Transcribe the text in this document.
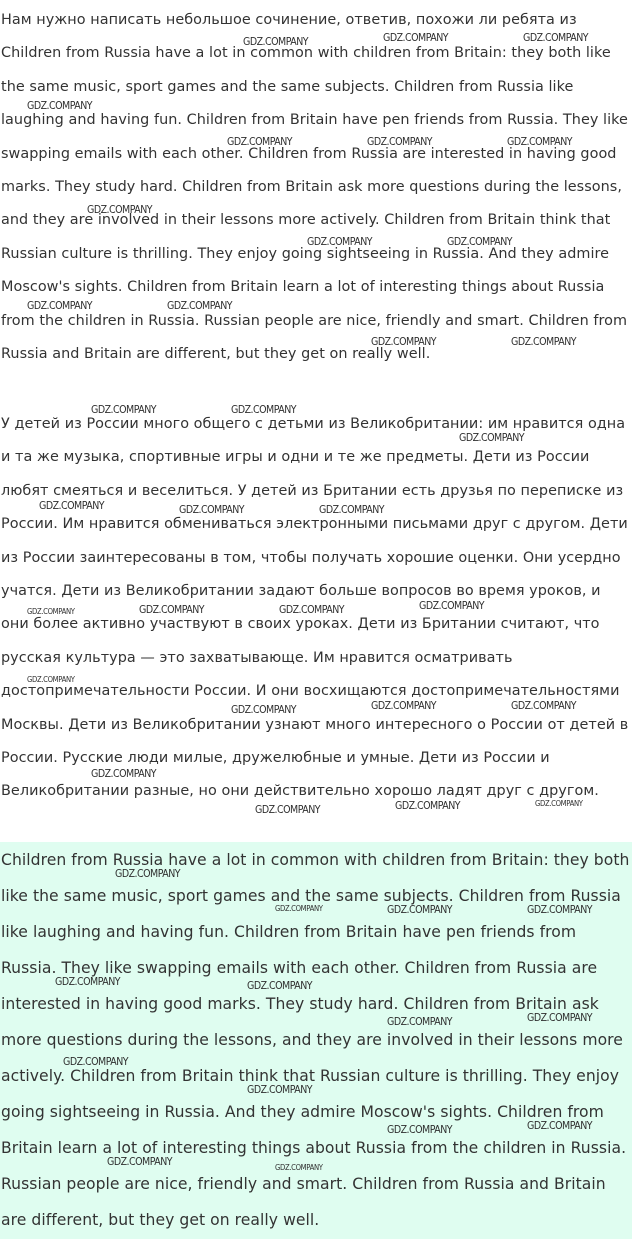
Нам нужно написать небольшое сочинение, ответив, похожи ли ребята из Children from Russia have a lot in common with children from Britain: they both like the same music, sport games and the same subjects. Children from Russia like laughing and having fun. Children from Britain have pen friends from Russia. They like swapping emails with each other. Children from Russia are interested in having good marks. They study hard. Children from Britain ask more questions during the lessons, and they are involved in their lessons more actively. Children from Britain think that Russian culture is thrilling. They enjoy going sightseeing in Russia. And they admire Moscow's sights. Children from Britain learn a lot of interesting things about Russia from the children in Russia. Russian people are nice, friendly and smart. Children from Russia and Britain are different, but they get on really well.

У детей из России много общего с детьми из Великобритании: им нравится одна и та же музыка, спортивные игры и одни и те же предметы. Дети из России любят смеяться и веселиться. У детей из Британии есть друзья по переписке из России. Им нравится обмениваться электронными письмами друг с другом. Дети из России заинтересованы в том, чтобы получать хорошие оценки. Они усердно учатся. Дети из Великобритании задают больше вопросов во время уроков, и они более активно участвуют в своих уроках. Дети из Британии считают, что русская культура — это захватывающе. Им нравится осматривать достопримечательности России. И они восхищаются достопримечательностями Москвы. Дети из Великобритании узнают много интересного о России от детей в России. Русские люди милые, дружелюбные и умные. Дети из России и Великобритании разные, но они действительно хорошо ладят друг с другом.

Children from Russia have a lot in common with children from Britain: they both like the same music, sport games and the same subjects. Children from Russia like laughing and having fun. Children from Britain have pen friends from Russia. They like swapping emails with each other. Children from Russia are interested in having good marks. They study hard. Children from Britain ask more questions during the lessons, and they are involved in their lessons more actively. Children from Britain think that Russian culture is thrilling. They enjoy going sightseeing in Russia. And they admire Moscow's sights. Children from Britain learn a lot of interesting things about Russia from the children in Russia. Russian people are nice, friendly and smart. Children from Russia and Britain are different, but they get on really well.

GDZ.COMPANY	GDZ.COMPANY	GDZ.COMPANY
GDZ.COMPANY
GDZ.COMPANY	GDZ.COMPANY	GDZ.COMPANY
GDZ.COMPANY
GDZ.COMPANY	GDZ.COMPANY
GDZ.COMPANY	GDZ.COMPANY
GDZ.COMPANY	GDZ.COMPANY
GDZ.COMPANY	GDZ.COMPANY
GDZ.COMPANY
GDZ.COMPANY	GDZ.COMPANY	GDZ.COMPANY
GDZ.COMPANY	GDZ.COMPANY	GDZ.COMPANY	GDZ.COMPANY
GDZ.COMPANY
GDZ.COMPANY	GDZ.COMPANY	GDZ.COMPANY
GDZ.COMPANY
GDZ.COMPANY	GDZ.COMPANY	GDZ.COMPANY
GDZ.COMPANY
GDZ.COMPANY	GDZ.COMPANY	GDZ.COMPANY
GDZ.COMPANY	GDZ.COMPANY
GDZ.COMPANY	GDZ.COMPANY
GDZ.COMPANY
GDZ.COMPANY
GDZ.COMPANY	GDZ.COMPANY
GDZ.COMPANY	GDZ.COMPANY
